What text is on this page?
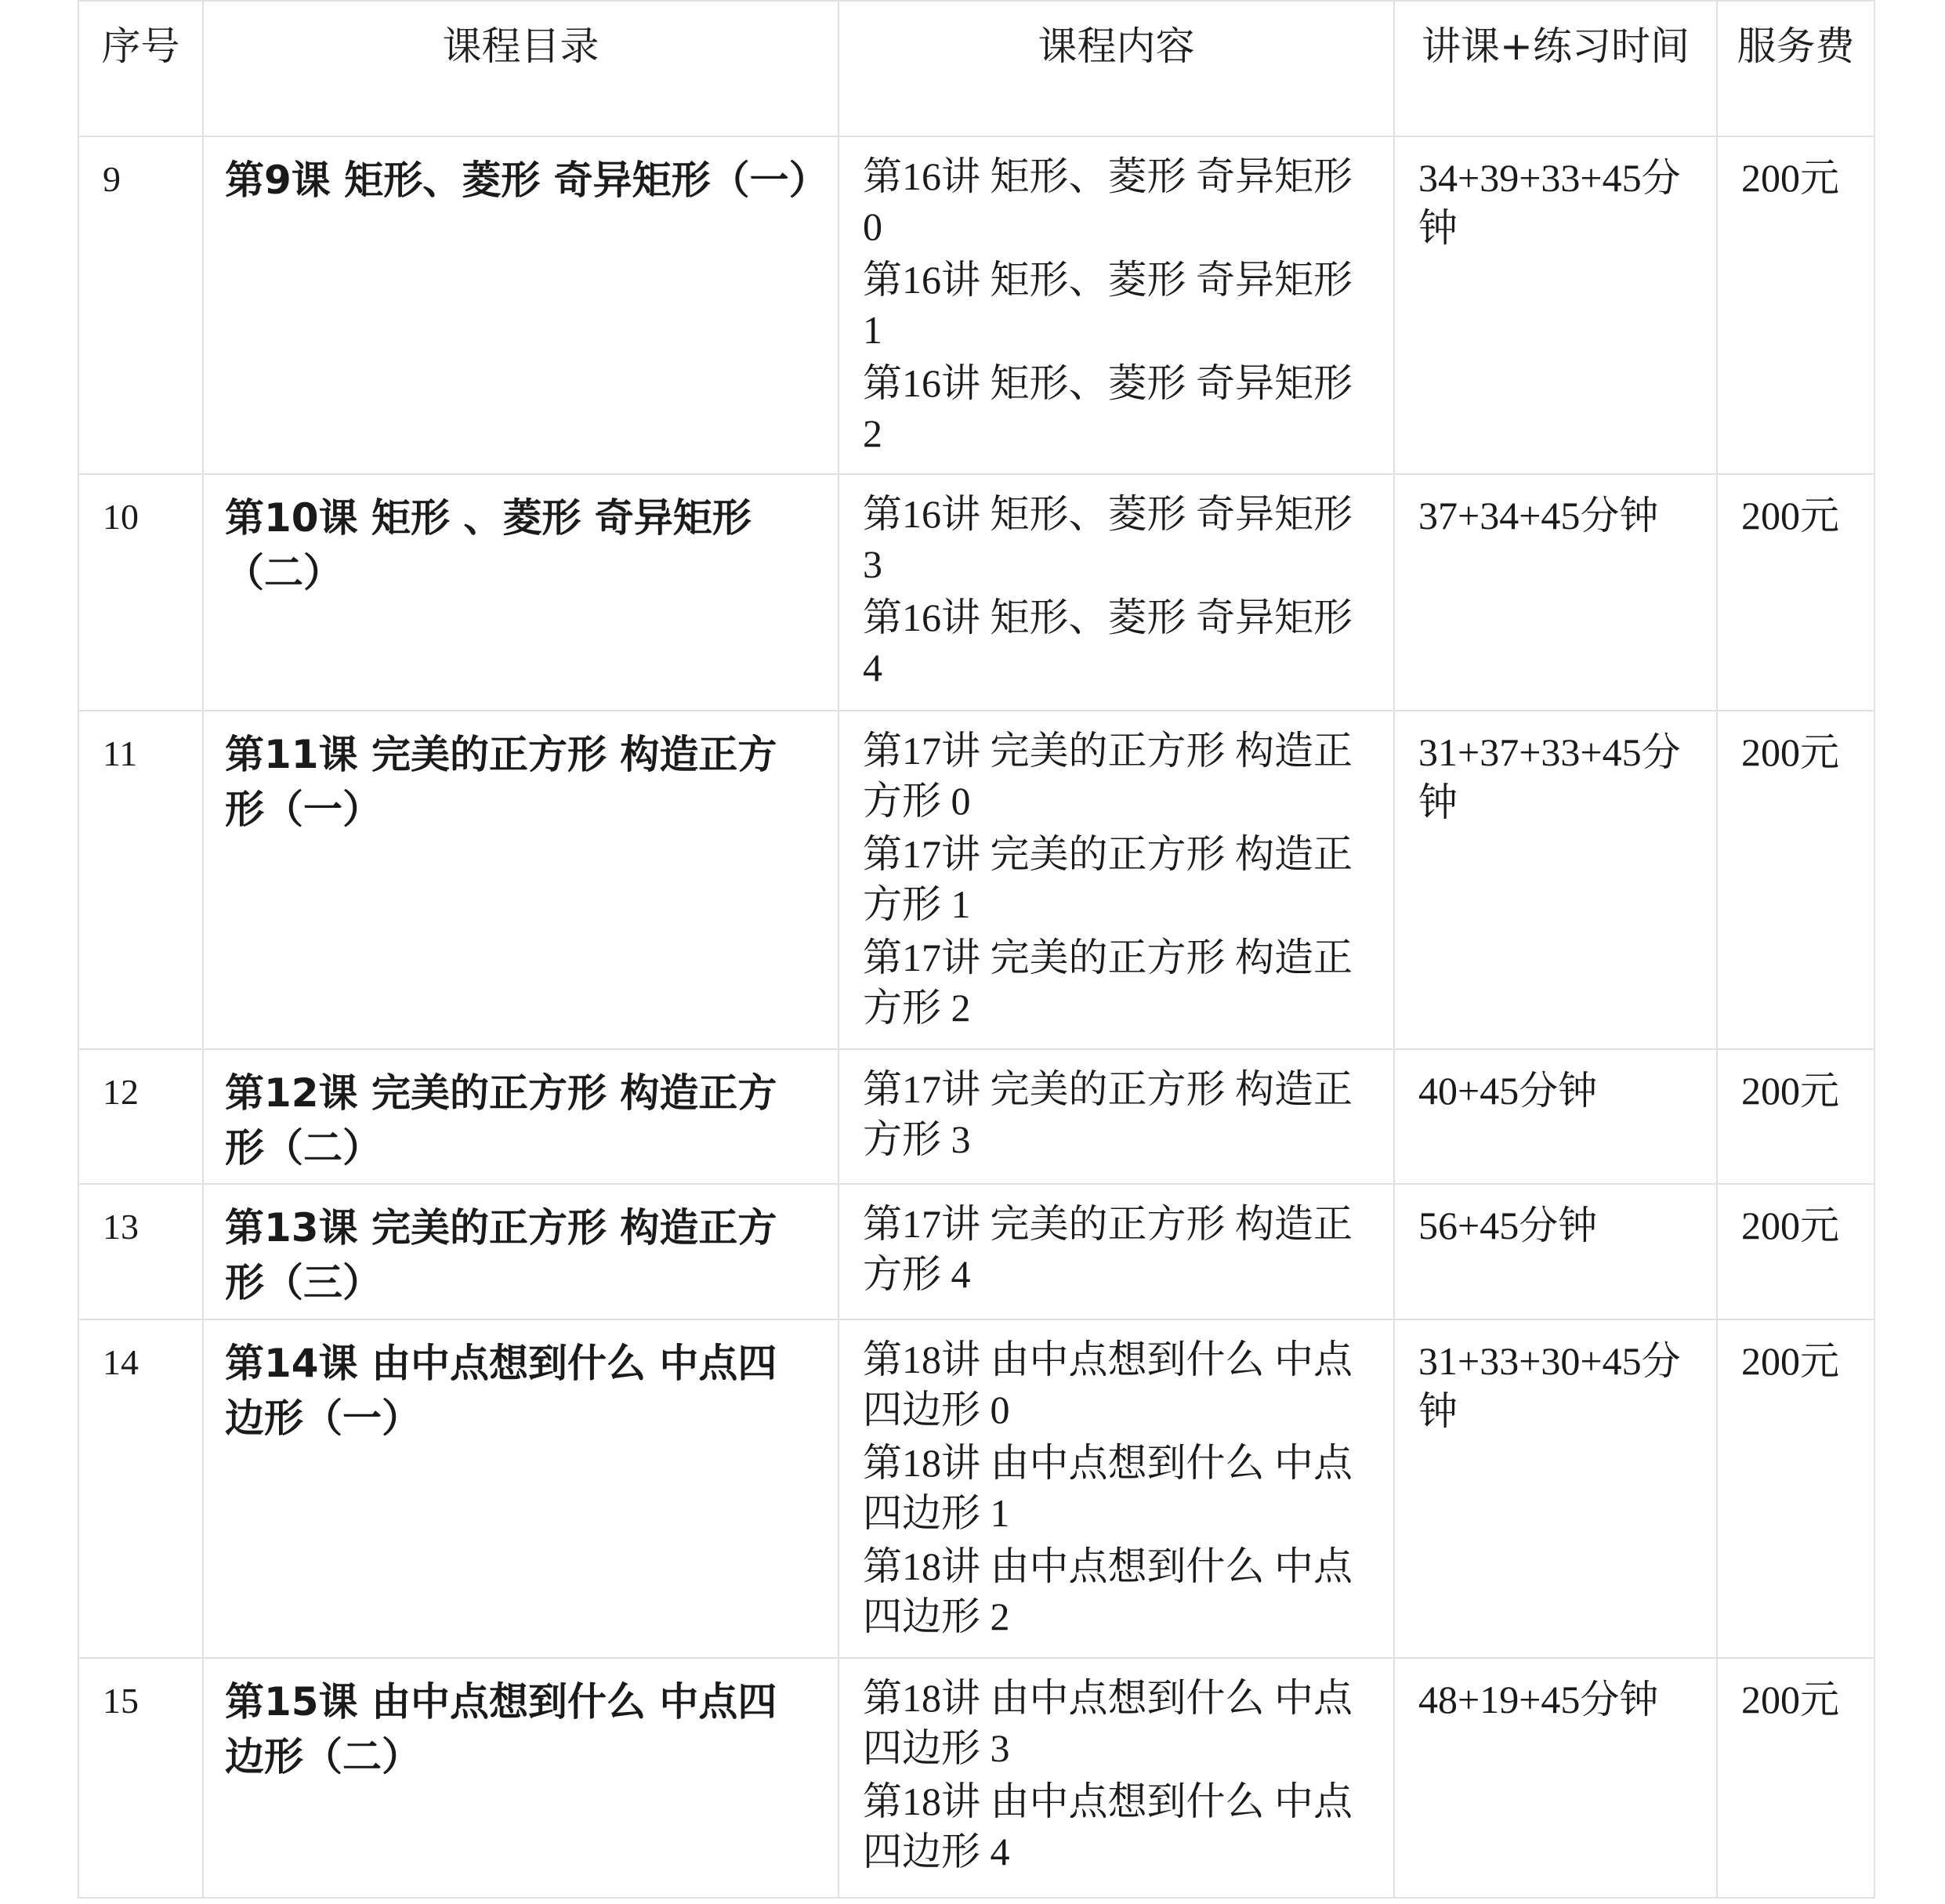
序号	课程目录	课程内容	讲课+练习时间	服务费
9	第9课 矩形、菱形 奇异矩形（一）	第16讲 矩形、菱形 奇异矩形0
第16讲 矩形、菱形 奇异矩形1
第16讲 矩形、菱形 奇异矩形2	34+39+33+45分钟	200元
10	第10课 矩形 、菱形 奇异矩形（二）	第16讲 矩形、菱形 奇异矩形3
第16讲 矩形、菱形 奇异矩形4	37+34+45分钟	200元
11	第11课 完美的正方形 构造正方形（一）	第17讲 完美的正方形 构造正方形 0
第17讲 完美的正方形 构造正方形 1
第17讲 完美的正方形 构造正方形 2	31+37+33+45分钟	200元
12	第12课 完美的正方形 构造正方形（二）	第17讲 完美的正方形 构造正方形 3	40+45分钟	200元
13	第13课 完美的正方形 构造正方形（三）	第17讲 完美的正方形 构造正方形 4	56+45分钟	200元
14	第14课 由中点想到什么 中点四边形（一）	第18讲 由中点想到什么 中点四边形 0
第18讲 由中点想到什么 中点四边形 1
第18讲 由中点想到什么 中点四边形 2	31+33+30+45分钟	200元
15	第15课 由中点想到什么 中点四边形（二）	第18讲 由中点想到什么 中点四边形 3
第18讲 由中点想到什么 中点四边形 4	48+19+45分钟	200元
